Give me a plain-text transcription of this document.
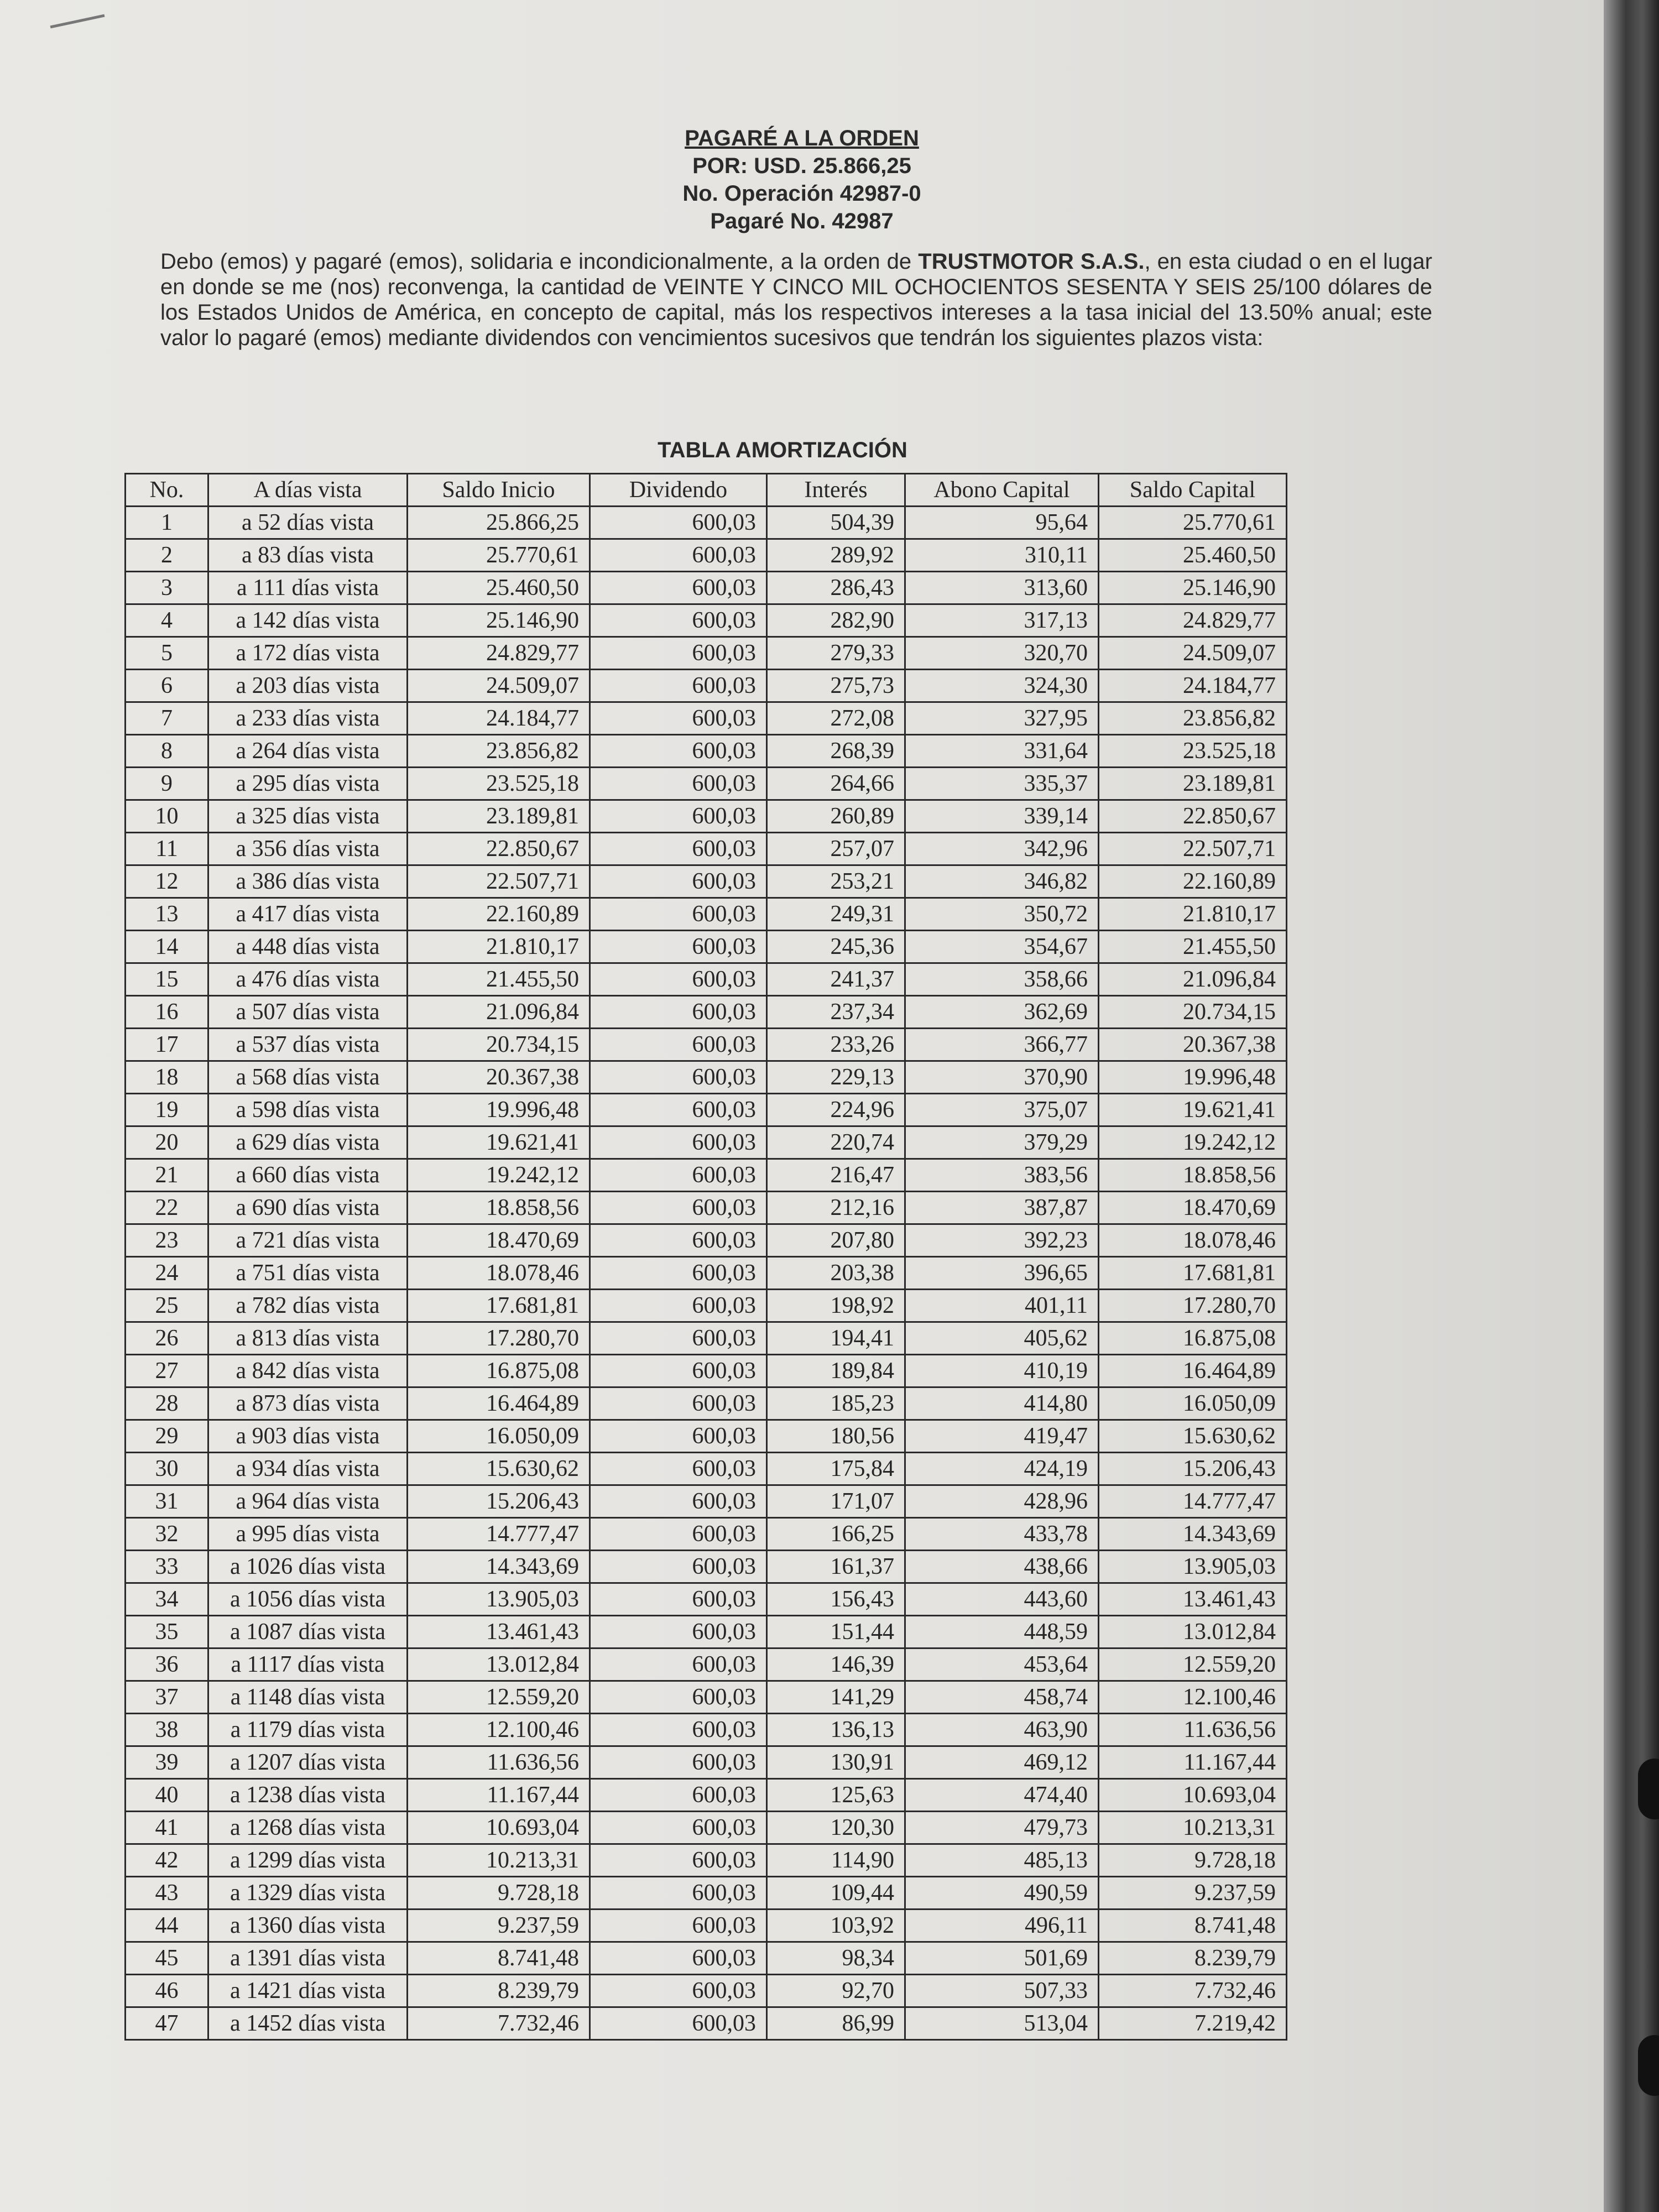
PAGARÉ A LA ORDEN
POR: USD. 25.866,25
No. Operación 42987-0
Pagaré No. 42987
Debo (emos) y pagaré (emos), solidaria e incondicionalmente, a la orden de TRUSTMOTOR S.A.S., en esta ciudad o en el lugar en donde se me (nos) reconvenga, la cantidad de VEINTE Y CINCO MIL OCHOCIENTOS SESENTA Y SEIS 25/100 dólares de los Estados Unidos de América, en concepto de capital, más los respectivos intereses a la tasa inicial del 13.50% anual; este valor lo pagaré (emos) mediante dividendos con vencimientos sucesivos que tendrán los siguientes plazos vista:
TABLA AMORTIZACIÓN
No.	A días vista	Saldo Inicio	Dividendo	Interés	Abono Capital	Saldo Capital
1	a 52 días vista	25.866,25	600,03	504,39	95,64	25.770,61
2	a 83 días vista	25.770,61	600,03	289,92	310,11	25.460,50
3	a 111 días vista	25.460,50	600,03	286,43	313,60	25.146,90
4	a 142 días vista	25.146,90	600,03	282,90	317,13	24.829,77
5	a 172 días vista	24.829,77	600,03	279,33	320,70	24.509,07
6	a 203 días vista	24.509,07	600,03	275,73	324,30	24.184,77
7	a 233 días vista	24.184,77	600,03	272,08	327,95	23.856,82
8	a 264 días vista	23.856,82	600,03	268,39	331,64	23.525,18
9	a 295 días vista	23.525,18	600,03	264,66	335,37	23.189,81
10	a 325 días vista	23.189,81	600,03	260,89	339,14	22.850,67
11	a 356 días vista	22.850,67	600,03	257,07	342,96	22.507,71
12	a 386 días vista	22.507,71	600,03	253,21	346,82	22.160,89
13	a 417 días vista	22.160,89	600,03	249,31	350,72	21.810,17
14	a 448 días vista	21.810,17	600,03	245,36	354,67	21.455,50
15	a 476 días vista	21.455,50	600,03	241,37	358,66	21.096,84
16	a 507 días vista	21.096,84	600,03	237,34	362,69	20.734,15
17	a 537 días vista	20.734,15	600,03	233,26	366,77	20.367,38
18	a 568 días vista	20.367,38	600,03	229,13	370,90	19.996,48
19	a 598 días vista	19.996,48	600,03	224,96	375,07	19.621,41
20	a 629 días vista	19.621,41	600,03	220,74	379,29	19.242,12
21	a 660 días vista	19.242,12	600,03	216,47	383,56	18.858,56
22	a 690 días vista	18.858,56	600,03	212,16	387,87	18.470,69
23	a 721 días vista	18.470,69	600,03	207,80	392,23	18.078,46
24	a 751 días vista	18.078,46	600,03	203,38	396,65	17.681,81
25	a 782 días vista	17.681,81	600,03	198,92	401,11	17.280,70
26	a 813 días vista	17.280,70	600,03	194,41	405,62	16.875,08
27	a 842 días vista	16.875,08	600,03	189,84	410,19	16.464,89
28	a 873 días vista	16.464,89	600,03	185,23	414,80	16.050,09
29	a 903 días vista	16.050,09	600,03	180,56	419,47	15.630,62
30	a 934 días vista	15.630,62	600,03	175,84	424,19	15.206,43
31	a 964 días vista	15.206,43	600,03	171,07	428,96	14.777,47
32	a 995 días vista	14.777,47	600,03	166,25	433,78	14.343,69
33	a 1026 días vista	14.343,69	600,03	161,37	438,66	13.905,03
34	a 1056 días vista	13.905,03	600,03	156,43	443,60	13.461,43
35	a 1087 días vista	13.461,43	600,03	151,44	448,59	13.012,84
36	a 1117 días vista	13.012,84	600,03	146,39	453,64	12.559,20
37	a 1148 días vista	12.559,20	600,03	141,29	458,74	12.100,46
38	a 1179 días vista	12.100,46	600,03	136,13	463,90	11.636,56
39	a 1207 días vista	11.636,56	600,03	130,91	469,12	11.167,44
40	a 1238 días vista	11.167,44	600,03	125,63	474,40	10.693,04
41	a 1268 días vista	10.693,04	600,03	120,30	479,73	10.213,31
42	a 1299 días vista	10.213,31	600,03	114,90	485,13	9.728,18
43	a 1329 días vista	9.728,18	600,03	109,44	490,59	9.237,59
44	a 1360 días vista	9.237,59	600,03	103,92	496,11	8.741,48
45	a 1391 días vista	8.741,48	600,03	98,34	501,69	8.239,79
46	a 1421 días vista	8.239,79	600,03	92,70	507,33	7.732,46
47	a 1452 días vista	7.732,46	600,03	86,99	513,04	7.219,42
